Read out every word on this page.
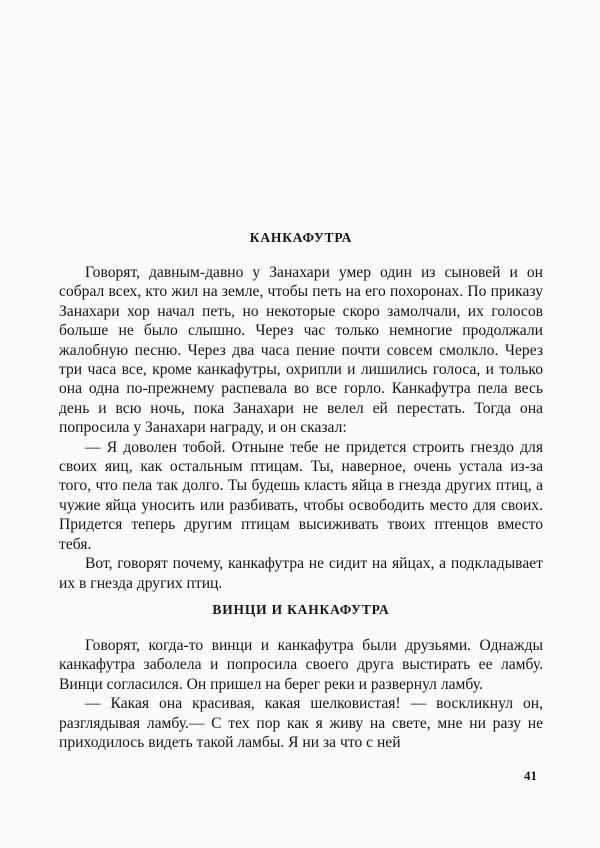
КАНКАФУТРА

Говорят, давным-давно у Занахари умер один из сыновей и он собрал всех, кто жил на земле, чтобы петь на его похоронах. По приказу Занахари хор начал петь, но некоторые скоро замолчали, их голосов больше не было слышно. Через час только немногие продолжали жалобную песню. Через два часа пение почти совсем смолкло. Через три часа все, кроме канкафутры, охрипли и лишились голоса, и только она одна по-прежнему распевала во все горло. Канкафутра пела весь день и всю ночь, пока Занахари не велел ей перестать. Тогда она попросила у Занахари награду, и он сказал:

— Я доволен тобой. Отныне тебе не придется строить гнездо для своих яиц, как остальным птицам. Ты, наверное, очень устала из-за того, что пела так долго. Ты будешь класть яйца в гнезда других птиц, а чужие яйца уносить или разбивать, чтобы освободить место для своих. Придется теперь другим птицам высиживать твоих птенцов вместо тебя.

Вот, говорят почему, канкафутра не сидит на яйцах, а подкладывает их в гнезда других птиц.

ВИНЦИ И КАНКАФУТРА

Говорят, когда-то винци и канкафутра были друзьями. Однажды канкафутра заболела и попросила своего друга выстирать ее ламбу. Винци согласился. Он пришел на берег реки и развернул ламбу.

— Какая она красивая, какая шелковистая! — воскликнул он, разглядывая ламбу.— С тех пор как я живу на свете, мне ни разу не приходилось видеть такой ламбы. Я ни за что с ней

41
